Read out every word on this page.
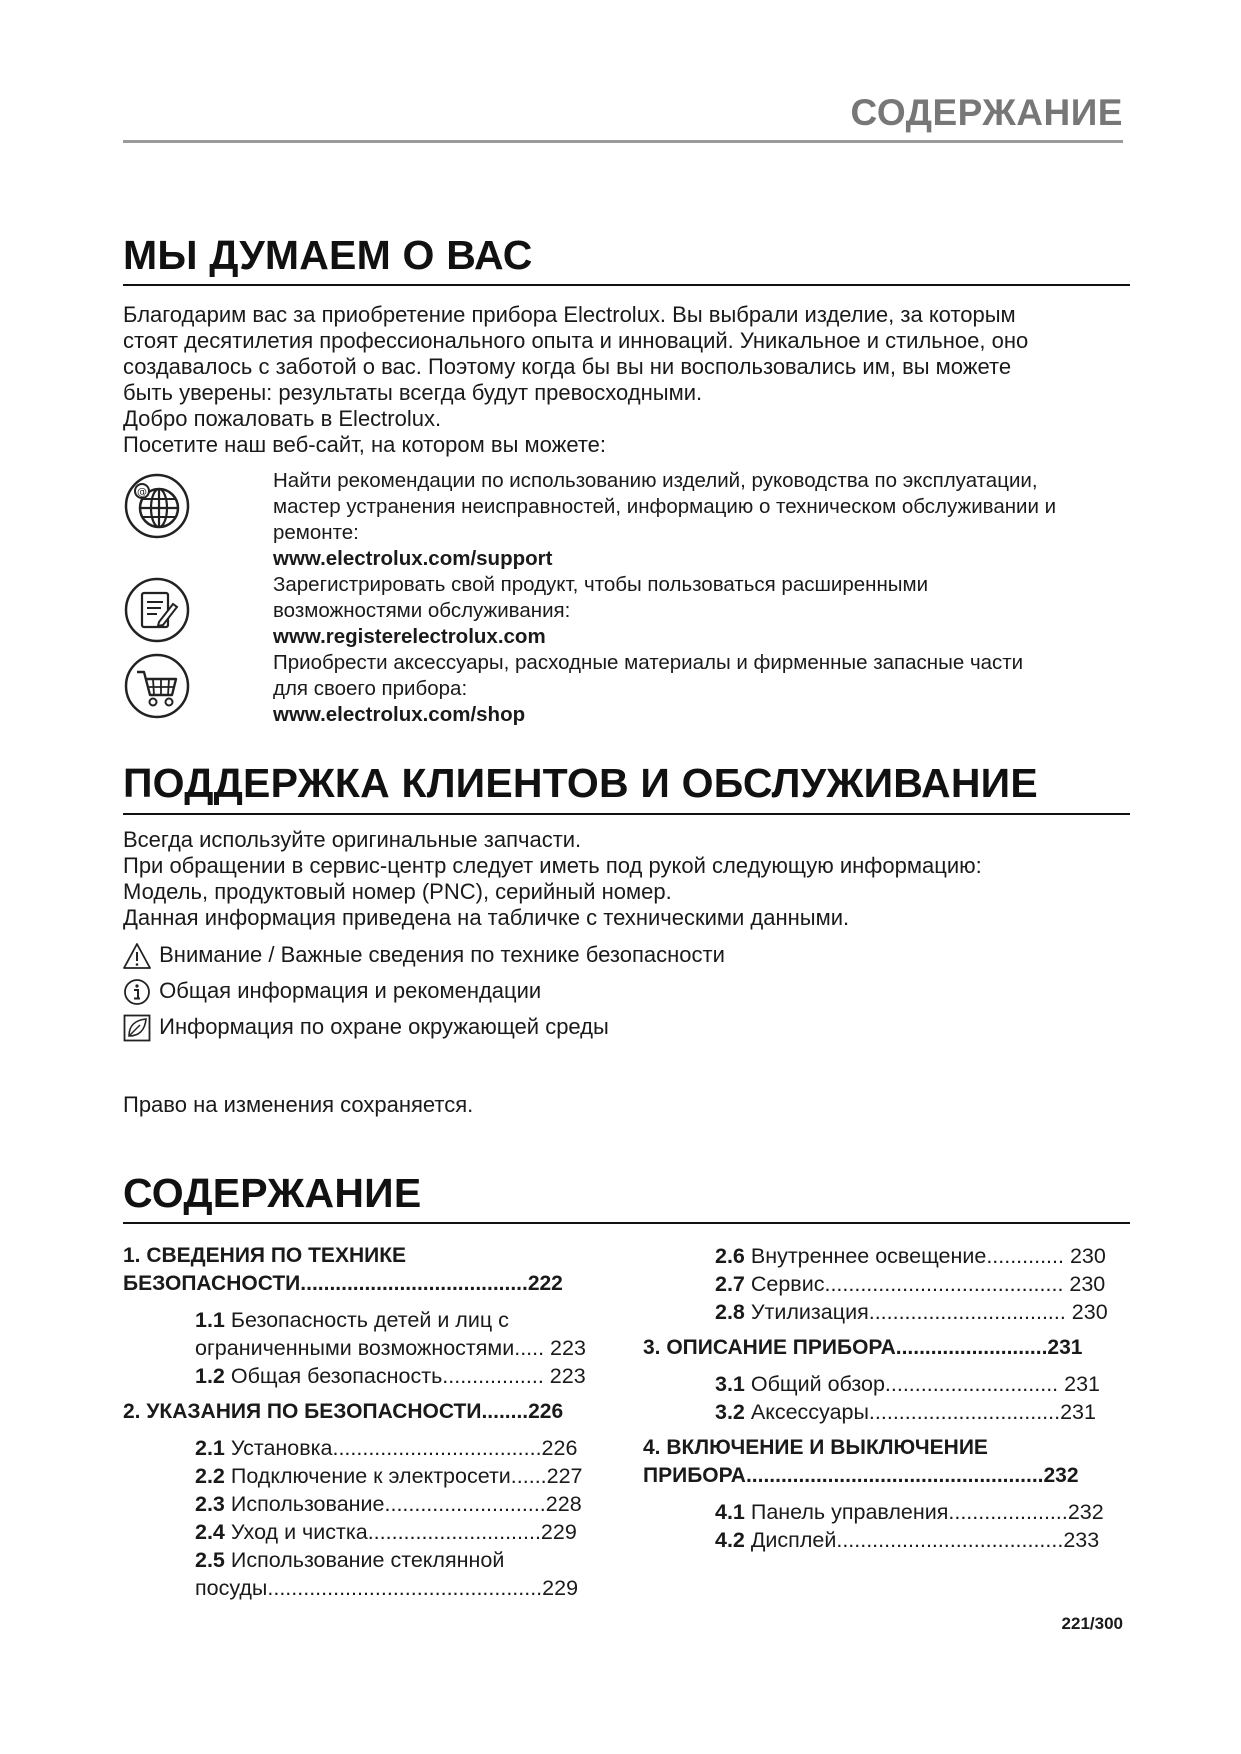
СОДЕРЖАНИЕ
МЫ ДУМАЕМ О ВАС

Благодарим вас за приобретение прибора Electrolux. Вы выбрали изделие, за которым

стоят десятилетия профессионального опыта и инноваций. Уникальное и стильное, оно

создавалось с заботой о вас. Поэтому когда бы вы ни воспользовались им, вы можете

быть уверены: результаты всегда будут превосходными.

Добро пожаловать в Electrolux.

Посетите наш веб-сайт, на котором вы можете:

@
Найти рекомендации по использованию изделий, руководства по эксплуатации,
мастер устранения неисправностей, информацию о техническом обслуживании и
ремонте:
www.electrolux.com/support
Зарегистрировать свой продукт, чтобы пользоваться расширенными
возможностями обслуживания:
www.registerelectrolux.com
Приобрести аксессуары, расходные материалы и фирменные запасные части
для своего прибора:
www.electrolux.com/shop
ПОДДЕРЖКА КЛИЕНТОВ И ОБСЛУЖИВАНИЕ

Всегда используйте оригинальные запчасти.

При обращении в сервис-центр следует иметь под рукой следующую информацию:

Модель, продуктовый номер (PNC), серийный номер.

Данная информация приведена на табличке с техническими данными.

Внимание / Важные сведения по технике безопасности
Общая информация и рекомендации
Информация по охране окружающей среды

Право на изменения сохраняется.

СОДЕРЖАНИЕ
1. СВЕДЕНИЯ ПО ТЕХНИКЕ
БЕЗОПАСНОСТИ.......................................222
1.1 Безопасность детей и лиц с
ограниченными возможностями..... 223
1.2 Общая безопасность................. 223
2. УКАЗАНИЯ ПО БЕЗОПАСНОСТИ........226
2.1 Установка...................................226
2.2 Подключение к электросети......227
2.3 Использование...........................228
2.4 Уход и чистка.............................229
2.5 Использование стеклянной
посуды..............................................229
2.6 Внутреннее освещение............. 230
2.7 Сервис........................................ 230
2.8 Утилизация................................. 230
3. ОПИСАНИЕ ПРИБОРА..........................231
3.1 Общий обзор............................. 231
3.2 Аксессуары................................231
4. ВКЛЮЧЕНИЕ И ВЫКЛЮЧЕНИЕ
ПРИБОРА...................................................232
4.1 Панель управления....................232
4.2 Дисплей......................................233
221/300
